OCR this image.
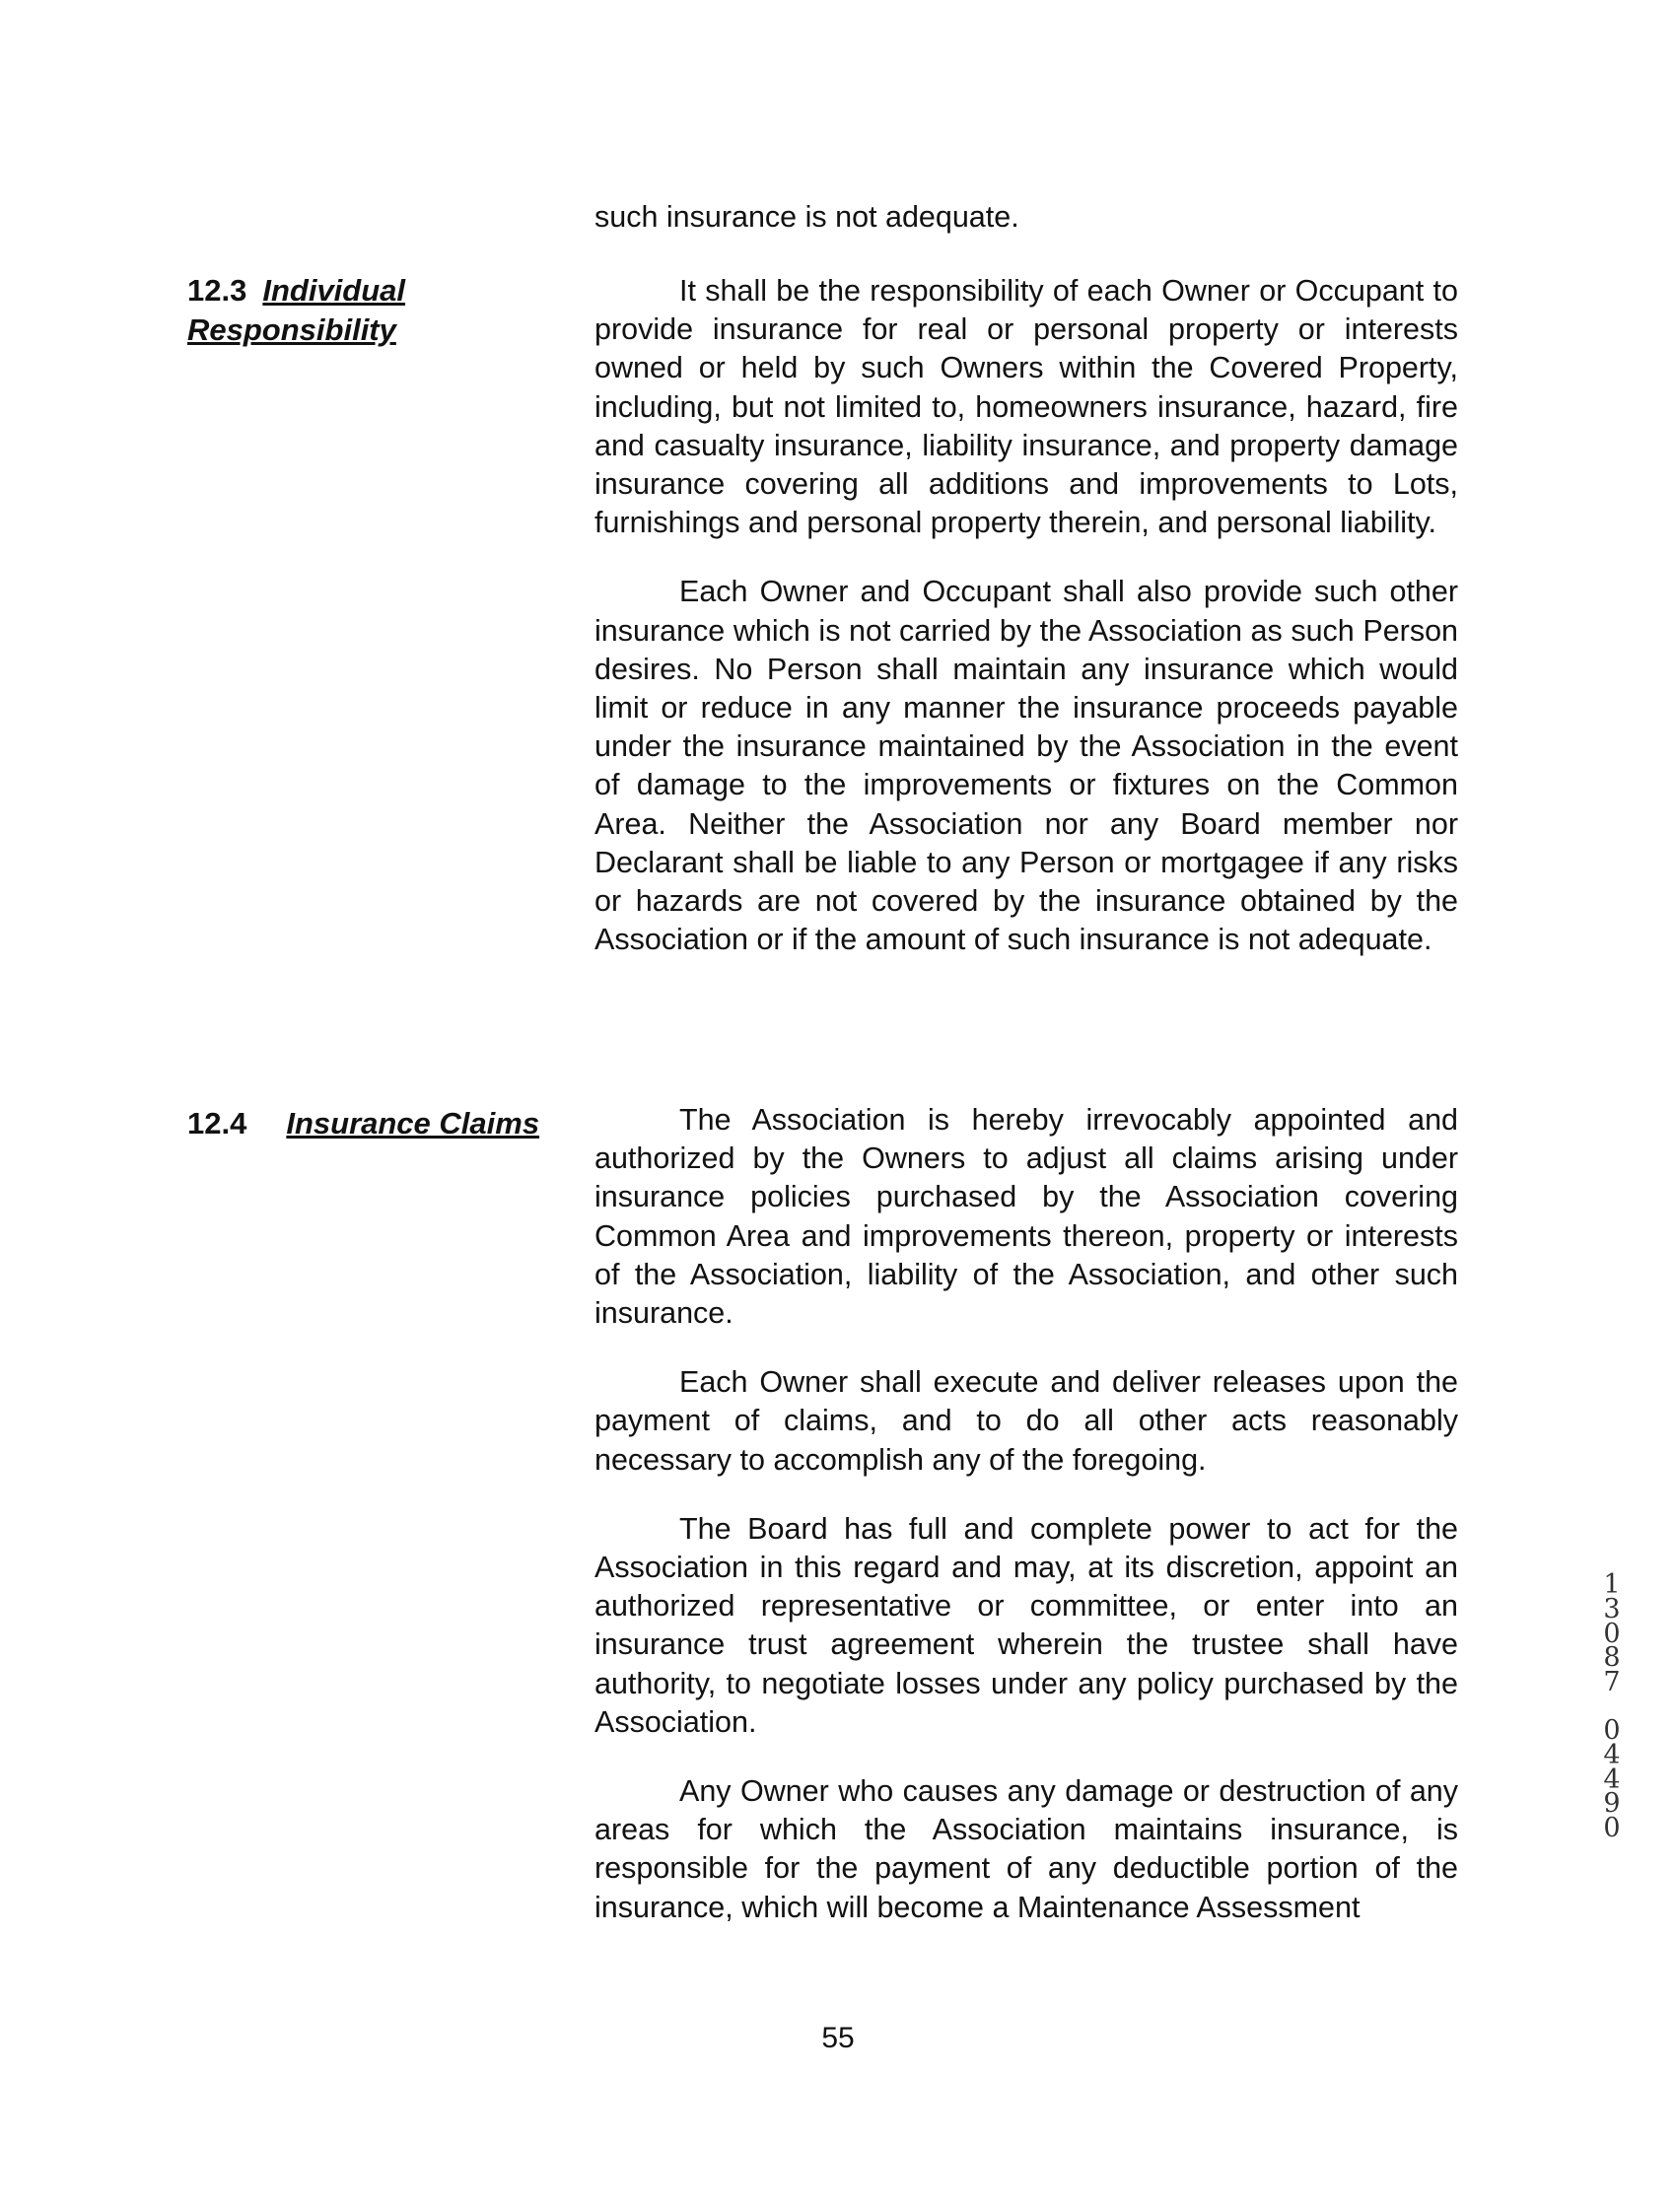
such insurance is not adequate.
12.3 Individual
Responsibility

It shall be the responsibility of each Owner or Occupant to provide insurance for real or personal property or interests owned or held by such Owners within the Covered Property, including, but not limited to, homeowners insurance, hazard, fire and casualty insurance, liability insurance, and property damage insurance covering all additions and improvements to Lots, furnishings and personal property therein, and personal liability.

Each Owner and Occupant shall also provide such other insurance which is not carried by the Association as such Person desires. No Person shall maintain any insurance which would limit or reduce in any manner the insurance proceeds payable under the insurance maintained by the Association in the event of damage to the improvements or fixtures on the Common Area. Neither the Association nor any Board member nor Declarant shall be liable to any Person or mortgagee if any risks or hazards are not covered by the insurance obtained by the Association or if the amount of such insurance is not adequate.

12.4 Insurance Claims	The Association is hereby irrevocably appointed and authorized by the Owners to adjust all claims arising under insurance policies purchased by the Association covering Common Area and improvements thereon, property or interests of the Association, liability of the Association, and other such insurance.

Each Owner shall execute and deliver releases upon the payment of claims, and to do all other acts reasonably necessary to accomplish any of the foregoing.

The Board has full and complete power to act for the Association in this regard and may, at its discretion, appoint an authorized representative or committee, or enter into an insurance trust agreement wherein the trustee shall have authority, to negotiate losses under any policy purchased by the Association.

Any Owner who causes any damage or destruction of any areas for which the Association maintains insurance, is responsible for the payment of any deductible portion of the insurance, which will become a Maintenance Assessment

1
3
0
8
7
0
4
4
9
0
55
